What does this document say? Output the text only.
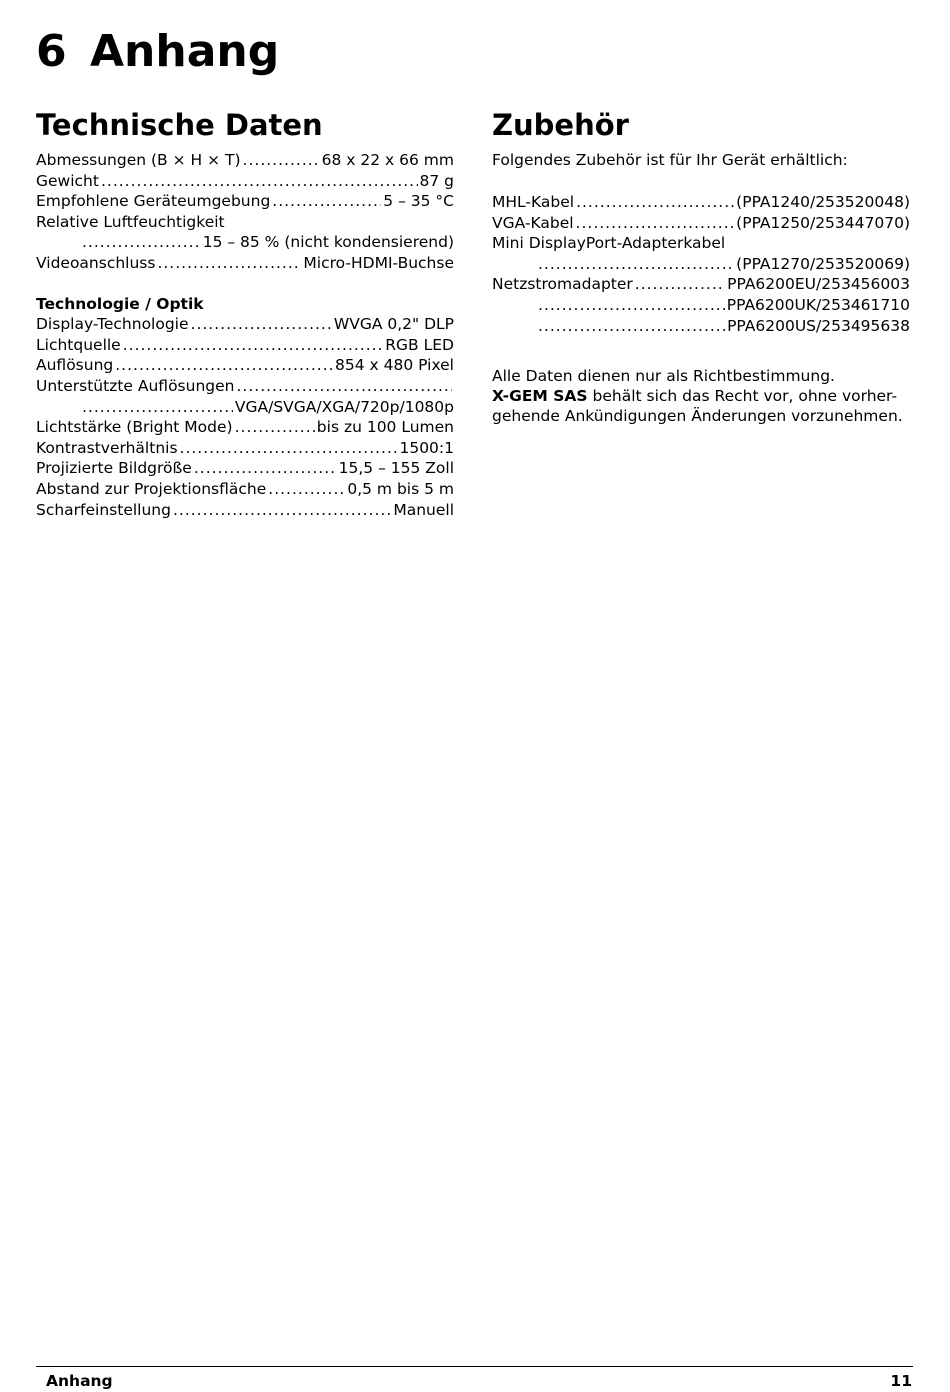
6 Anhang
Technische Daten
Abmessungen (B × H × T) .....	68 x 22 x 66 mm
Gewicht .....	87 g
Empfohlene Geräteumgebung .....	5 – 35 °C
Relative Luftfeuchtigkeit
.....
15 – 85 % (nicht kondensierend)
Videoanschluss .....	Micro-HDMI-Buchse
Technologie / Optik
Display-Technologie .....	WVGA 0,2" DLP
Lichtquelle .....	RGB LED
Auflösung .....	854 x 480 Pixel
Unterstützte Auflösungen
.....
.....
VGA/SVGA/XGA/720p/1080p
Lichtstärke (Bright Mode) .....	bis zu 100 Lumen
Kontrastverhältnis .....	1500:1
Projizierte Bildgröße .....	15,5 – 155 Zoll
Abstand zur Projektionsfläche .....	0,5 m bis 5 m
Scharfeinstellung .....	Manuell
Zubehör

Folgendes Zubehör ist für Ihr Gerät erhältlich:

MHL-Kabel .....	(PPA1240/253520048)
VGA-Kabel .....	(PPA1250/253447070)
Mini DisplayPort-Adapterkabel
.....
(PPA1270/253520069)
Netzstromadapter .....	PPA6200EU/253456003
.....
PPA6200UK/253461710
.....
PPA6200US/253495638

Alle Daten dienen nur als Richtbestimmung.

X-GEM SAS behält sich das Recht vor, ohne vorher-
gehende Ankündigungen Änderungen vorzunehmen.

Anhang	11
